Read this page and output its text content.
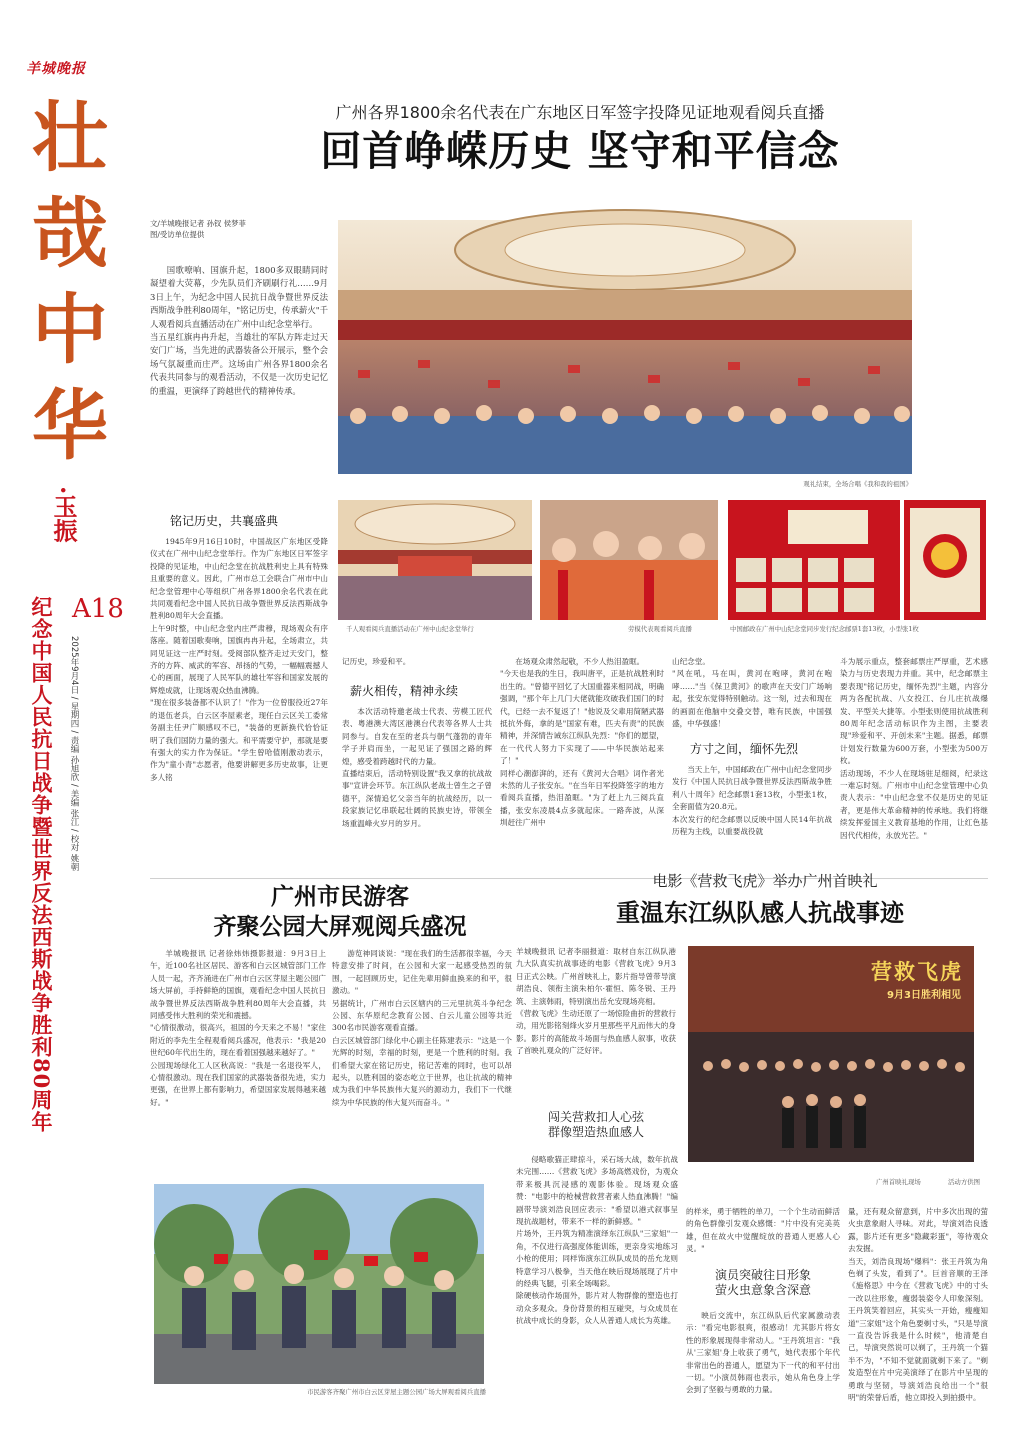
羊城晚报
壮
哉
中
华
·玉振
A18
纪念中国人民抗日战争暨世界反法西斯战争胜利80周年	2025年9月4日 / 星期四 / 责编 孙旭欣 / 美编 张江 / 校对 姚朝
广州各界1800余名代表在广东地区日军签字投降见证地观看阅兵直播
回首峥嵘历史 坚守和平信念
文/羊城晚报记者 孙钗 侯梦菲
图/受访单位提供
国歌嘹响、国旗升起，1800多双眼睛同时凝望着大荧幕，少先队员们齐刷刷行礼……9月3日上午，为纪念中国人民抗日战争暨世界反法西斯战争胜利80周年，"铭记历史，传承薪火"千人观看阅兵直播活动在广州中山纪念堂举行。
当五星红旗冉冉升起，当雄壮的军队方阵走过天安门广场，当先进的武器装备公开展示，整个会场气氛凝重而庄严。这场由广州各界1800余名代表共同参与的观看活动，不仅是一次历史记忆的重温，更演绎了跨越世代的精神传承。
观礼结束，全场合唱《我和我的祖国》
铭记历史，共襄盛典
1945年9月16日10时，中国战区广东地区受降仪式在广州中山纪念堂举行。作为广东地区日军签字投降的见证地，中山纪念堂在抗战胜利史上具有特殊且重要的意义。因此，广州市总工会联合广州市中山纪念堂管理中心等组织广州各界1800余名代表在此共同观看纪念中国人民抗日战争暨世界反法西斯战争胜利80周年大会直播。
上午9时整，中山纪念堂内庄严肃穆，现场观众有序落座。随着国歌奏响，国旗冉冉升起，全场肃立，共同见证这一庄严时刻。受阅部队整齐走过天安门，整齐的方阵、威武的军容、昂扬的气势，一幅幅震撼人心的画面，展现了人民军队的雄壮军容和国家发展的辉煌成就，让现场观众热血沸腾。
"现在很多装备都不认识了！"作为一位曾服役近27年的退伍老兵，白云区李屋素老，现任白云区关工委常务副主任尹广顺感叹不已，"装备的更新换代恰恰证明了我们国防力量的强大。和平需要守护，那就是要有强大的实力作为保证。"学生曾哈值刚激动表示，作为"童小青"志愿者，他要讲解更多历史故事，让更多人铭
千人观看阅兵直播活动在广州中山纪念堂举行	劳模代表观看阅兵直播	中国邮政在广州中山纪念堂同步发行纪念邮票1套13枚，小型张1枚
记历史，珍爱和平。
薪火相传，精神永续
本次活动特邀老战士代表、劳模工匠代表、粤港澳大湾区港澳台代表等各界人士共同参与。自发在至的老兵与朝气蓬勃的青年学子并肩而坐，一起见证了强国之路的辉煌，感受着跨越时代的力量。
直播结束后，活动特别设置"我又拿的抗战故事"宣讲会环节。东江纵队老战士曾生之子曾德平，深情追忆父亲当年的抗战经历，以一段家族记忆串联起壮阔的民族史诗，带领全场重温峰火岁月的岁月。
在场观众肃然起敬，不少人热泪盈眶。
"今天也是我的生日，我叫唐平，正是抗战胜利时出生的。"曾德平回忆了大国重器来相同战，明确强调，"那个年上几门大佬就能攻破我们国门的时代，已经一去不复返了！"他说及父辈用简陋武器抵抗外侮，拿的是"国家有难，匹夫有责"的民族精神，并深情告诫东江纵队先烈："你们的愿望，在一代代人努力下实现了——中华民族站起来了！"
同样心潮澎湃的，还有《黄河大合唱》词作者光未然的儿子张安东。"在当年日军投降签字的地方看阅兵直播，热泪盈眶。"为了赶上九三阅兵直播，张安东凌晨4点多就起床。一路奔波，从深圳赶往广州中
山纪念堂。
"风在吼，马在叫，黄河在咆哮，黄河在咆哮……"当《保卫黄河》的歌声在天安门广场响起，张安东觉得特别触动。这一刻，过去和现在的画面在他脑中交叠交替，唯有民族，中国强盛，中华强盛！
方寸之间，缅怀先烈
当天上午，中国邮政在广州中山纪念堂同步发行《中国人民抗日战争暨世界反法西斯战争胜利八十周年》纪念邮票1套13枚，小型张1枚，全套面值为20.8元。
本次发行的纪念邮票以反映中国人民14年抗战历程为主线，以重要战役就
斗为展示重点，整套邮票庄严厚重，艺术感染力与历史表现力并重。其中，纪念邮票主要表现"铭记历史，缅怀先烈"主题，内容分两为各配抗战、八女投江、台儿庄抗战爆发、平型关大捷等。小型张则使用抗战胜利80周年纪念活动标识作为主图，主要表现"珍爱和平、开创未来"主题。据悉，邮票计划发行数量为600万套，小型张为500万枚。
活动现场，不少人在现场驻足细阅，纪录这一难忘时刻。广州市中山纪念堂管理中心负责人表示："中山纪念堂不仅是历史的见证者，更是伟大革命精神的传承地。我们将继续发挥爱国主义教育基地的作用，让红色基因代代相传，永放光芒。"
广州市民游客
齐聚公园大屏观阅兵盛况
羊城晚报讯 记者徐炜炜摄影报道：9月3日上午，近100名社区居民、游客和白云区城管部门工作人员一起，齐齐涌进在广州市白云区芽屋主题公园广场大屏前，手持鲜艳的国旗，观看纪念中国人民抗日战争暨世界反法西斯战争胜利80周年大会直播，共同感受伟大胜利的荣光和震撼。
"心情很激动，很高兴，祖国的今天来之不易！"家住附近的李先生全程观看阅兵盛况，他表示："我是20世纪60年代出生的，现在看着国强越来越好了。"
公园现场绿化工人区秋高说："我是一名退役军人，心情很激动。现在我们国家的武器装备很先进，实力更强，在世界上都有影响力，希望国家发展得越来越好。"
游览神同谈说："现在我们的生活都很幸福，今天特意安排了时间，在公园和大家一起感受热烈的氛围，一起回顾历史，记住先辈用鲜血换来的和平，很激动。"
另据统计，广州市白云区辖内的三元里抗英斗争纪念公园、东华原纪念教育公园、白云儿童公园等共近300名市民游客观看直播。
白云区城管部门绿化中心副主任陈建表示："这是一个光辉的时刻，幸福的时刻，更是一个胜利的时刻。我们希望大家在铭记历史，铭记苦难的同时，也可以昂起头，以胜利国的姿态屹立于世界，也让抗战的精神成为我们中华民族伟大复兴的源动力，我们下一代继续为中华民族的伟大复兴而奋斗。"
市民游客齐聚广州市白云区芽屋主题公园广场大屏观看阅兵直播
电影《营救飞虎》举办广州首映礼
重温东江纵队感人抗战事迹
羊城晚报讯 记者李丽报道：取材自东江纵队港九大队真实抗战事迹的电影《营救飞虎》9月3日正式公映。广州首映礼上，影片指导曾带导演胡浩良、领衔主演朱柏尔·霍恒、陈冬锐、王丹筑、主演韩雨，特别演出岳允安现场亮相。
《营救飞虎》生动还原了一场惊险曲折的营救行动，用光影铭刻烽火岁月里那些平凡而伟大的身影。影片的高能故斗场面与热血感人叙事，收获了首映礼观众的广泛好评。
闯关营救扣人心弦
群像塑造热血感人
侵略歌猫正肆掠斗，采石场大战，数年抗战未完围……《营救飞虎》多场高燃戏份，为观众带来极具沉浸感的观影体验。现场观众盛赞："电影中的枪械营救营者素人热血沸腾！"编剧带导演刘浩良回应表示："希望以港式叙事呈现抗战题材，带来不一样的新鲜感。"
片场外，王丹筑为精准演绎东江纵队"三家姐"一角，不仅进行高强度体能训练，更亲身实地练习小枪的使用；同样饰演东江纵队成员的岳允龙则特意学习八极拳，当天他在映后现场展现了片中的经典飞腿，引来全场喝彩。
除硬核动作场面外，影片对人物群像的塑造也打动众多观众。身份背景的相互碰突，与众成员在抗战中成长的身影，众人从普通人成长为英雄。
营救飞虎
9月3日胜利相见
广州首映礼现场	活动方供图
的样米，勇于牺牲的单刀，一个个生动而鲜活的角色群像引发观众感慨："片中没有完美英雄，但在故火中觉醒绽放的普通人更感人心灵。"
演员突破往日形象
萤火虫意象含深意
映后交流中，东江纵队后代家属激动表示："看完电影很爽，很感动！尤其影片将女性的形象展现得非常动人。"王丹筑坦言："我从'三家姐'身上收获了勇气，她代表那个年代非常出色的普通人，愿望为下一代的和平付出一切。"小演员韩雨也表示，她从角色身上学会到了坚毅与勇敢的力量。
量，还有观众留意到，片中多次出现的萤火虫意象耐人寻味。对此，导演刘浩良透露，影片还有更多"隐藏彩蛋"，等待观众去发掘。
当天，刘浩良现场"爆料"：张王丹筑为角色剃了头发，看到了"。巨首音顺的王泽《施格思》中今在《营救飞虎》中的寸头一改以往形象，瘦弱装姿令人印象深刻。王丹筑笑着回应，其实头一开始，瘦瘦知道"三家姐"这个角色要剃寸头，"只是导演一直没告诉我是什么时候"，他清楚自己，导演突然说可以剃了，王丹筑一个猫半不为，"不知不觉就面就剃下来了。"剃发造型在片中完美演绎了在影片中呈现的勇敢与坚韧，导演刘浩良给出一个"很明"的荣誉后盾，他立即投入到拍摄中。
